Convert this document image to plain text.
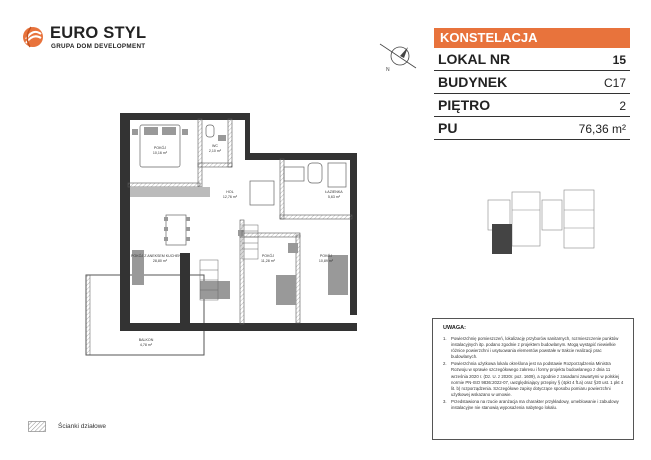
EURO STYL
GRUPA DOM DEVELOPMENT
N
KONSTELACJA
LOKAL NR	15
BUDYNEK	C17
PIĘTRO	2
PU	76,36 m²
POKÓJ
10,16 m²
WC
2,10 m²
HOL
12,76 m²
ŁAZIENKA
5,63 m²
POKÓJ Z ANEKSEM KUCHENNYM
28,80 m²
POKÓJ
11,28 m²
POKÓJ
10,89 m²
BALKON
4,78 m²
UWAGA:
1. Powierzchnię pomieszczeń, lokalizację przyborów sanitarnych, rozmieszczenie punktów instalacyjnych itp. podano zgodnie z projektem budowlanym. Mogą wystąpić niewielkie różnice powierzchni i usytuowania elementów powstałe w trakcie realizacji prac budowlanych.
2. Powierzchnia użytkowa lokalu określona jest na podstawie Rozporządzenia Ministra Rozwoju w sprawie szczegółowego zakresu i formy projektu budowlanego z dnia 11 września 2020 r. (Dz. U. z 2020r. poz. 1609), a zgodnie z zasadami zawartymi w polskiej normie PN-ISO 9836:2022-07, uwzględniający przepisy § (4pkt 4 ft.a) oraz §20 ust. 1 pkt 4 lit. b) rozporządzenia. Szczegółowe zapisy dotyczące sposobu pomiaru powierzchni użytkowej wskazano w umowie.
3. Przedstawiona na rzucie aranżacja ma charakter przykładowy, umeblowanie i zabudowy instalacyjne nie stanowią wyposażenia nabytego lokalu.
Ścianki działowe
